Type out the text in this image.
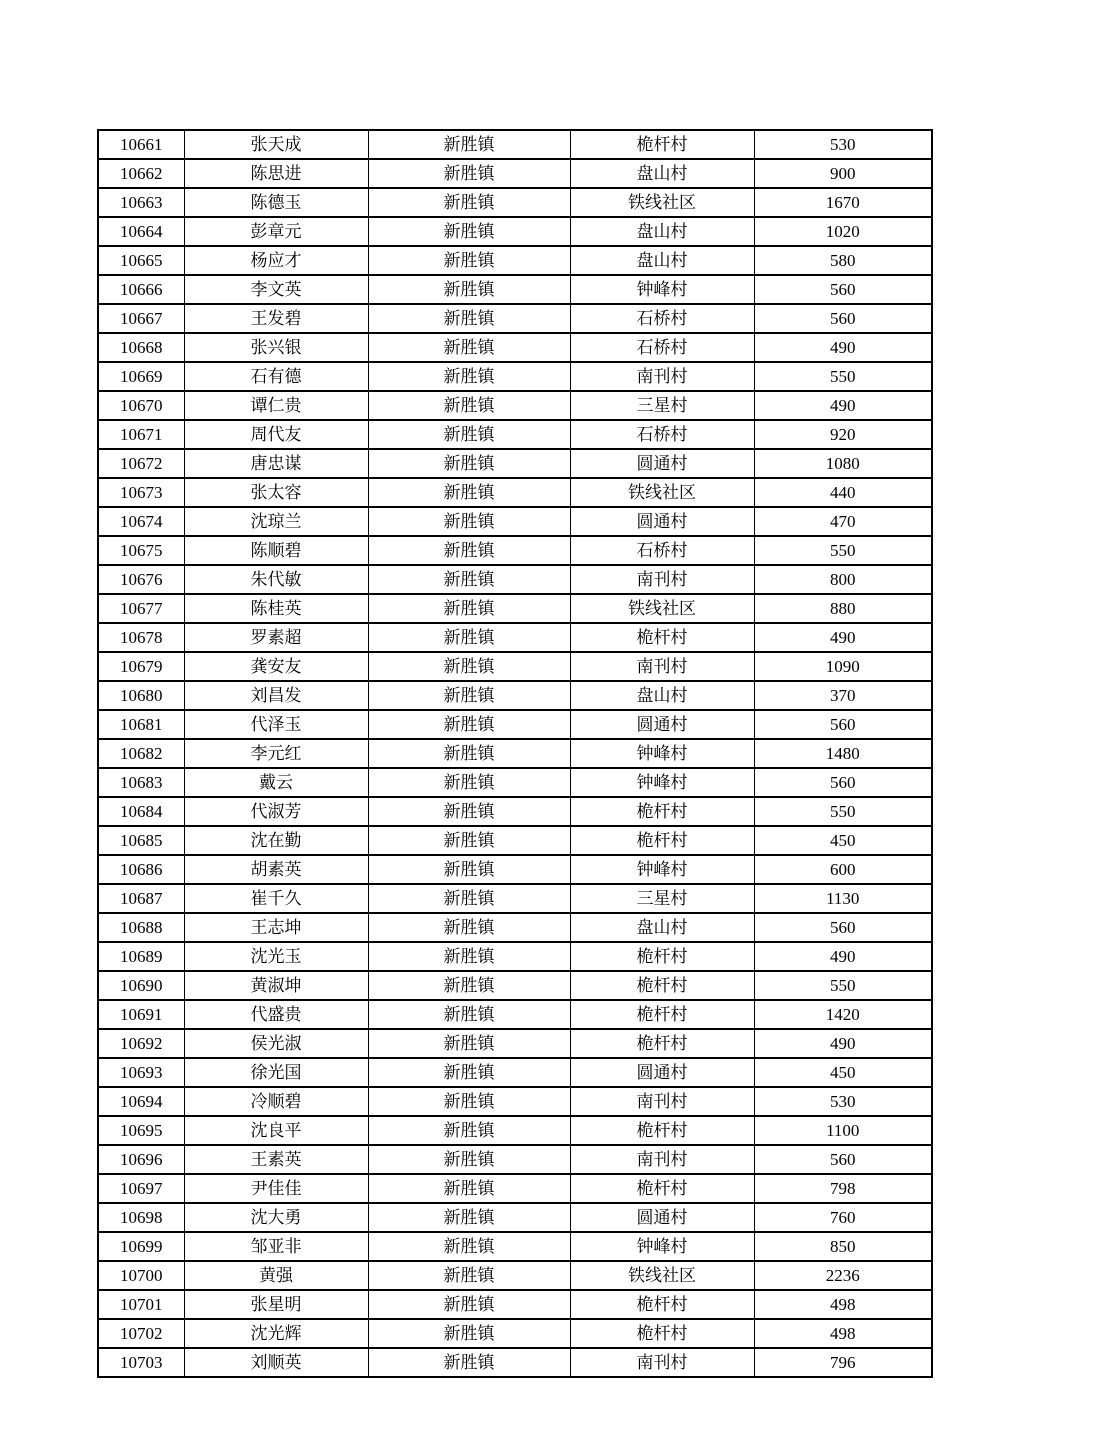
10661	张天成	新胜镇	桅杆村	530
10662	陈思进	新胜镇	盘山村	900
10663	陈德玉	新胜镇	铁线社区	1670
10664	彭章元	新胜镇	盘山村	1020
10665	杨应才	新胜镇	盘山村	580
10666	李文英	新胜镇	钟峰村	560
10667	王发碧	新胜镇	石桥村	560
10668	张兴银	新胜镇	石桥村	490
10669	石有德	新胜镇	南刊村	550
10670	谭仁贵	新胜镇	三星村	490
10671	周代友	新胜镇	石桥村	920
10672	唐忠谋	新胜镇	圆通村	1080
10673	张太容	新胜镇	铁线社区	440
10674	沈琼兰	新胜镇	圆通村	470
10675	陈顺碧	新胜镇	石桥村	550
10676	朱代敏	新胜镇	南刊村	800
10677	陈桂英	新胜镇	铁线社区	880
10678	罗素超	新胜镇	桅杆村	490
10679	龚安友	新胜镇	南刊村	1090
10680	刘昌发	新胜镇	盘山村	370
10681	代泽玉	新胜镇	圆通村	560
10682	李元红	新胜镇	钟峰村	1480
10683	戴云	新胜镇	钟峰村	560
10684	代淑芳	新胜镇	桅杆村	550
10685	沈在勤	新胜镇	桅杆村	450
10686	胡素英	新胜镇	钟峰村	600
10687	崔千久	新胜镇	三星村	1130
10688	王志坤	新胜镇	盘山村	560
10689	沈光玉	新胜镇	桅杆村	490
10690	黄淑坤	新胜镇	桅杆村	550
10691	代盛贵	新胜镇	桅杆村	1420
10692	侯光淑	新胜镇	桅杆村	490
10693	徐光国	新胜镇	圆通村	450
10694	冷顺碧	新胜镇	南刊村	530
10695	沈良平	新胜镇	桅杆村	1100
10696	王素英	新胜镇	南刊村	560
10697	尹佳佳	新胜镇	桅杆村	798
10698	沈大勇	新胜镇	圆通村	760
10699	邹亚非	新胜镇	钟峰村	850
10700	黄强	新胜镇	铁线社区	2236
10701	张星明	新胜镇	桅杆村	498
10702	沈光辉	新胜镇	桅杆村	498
10703	刘顺英	新胜镇	南刊村	796
